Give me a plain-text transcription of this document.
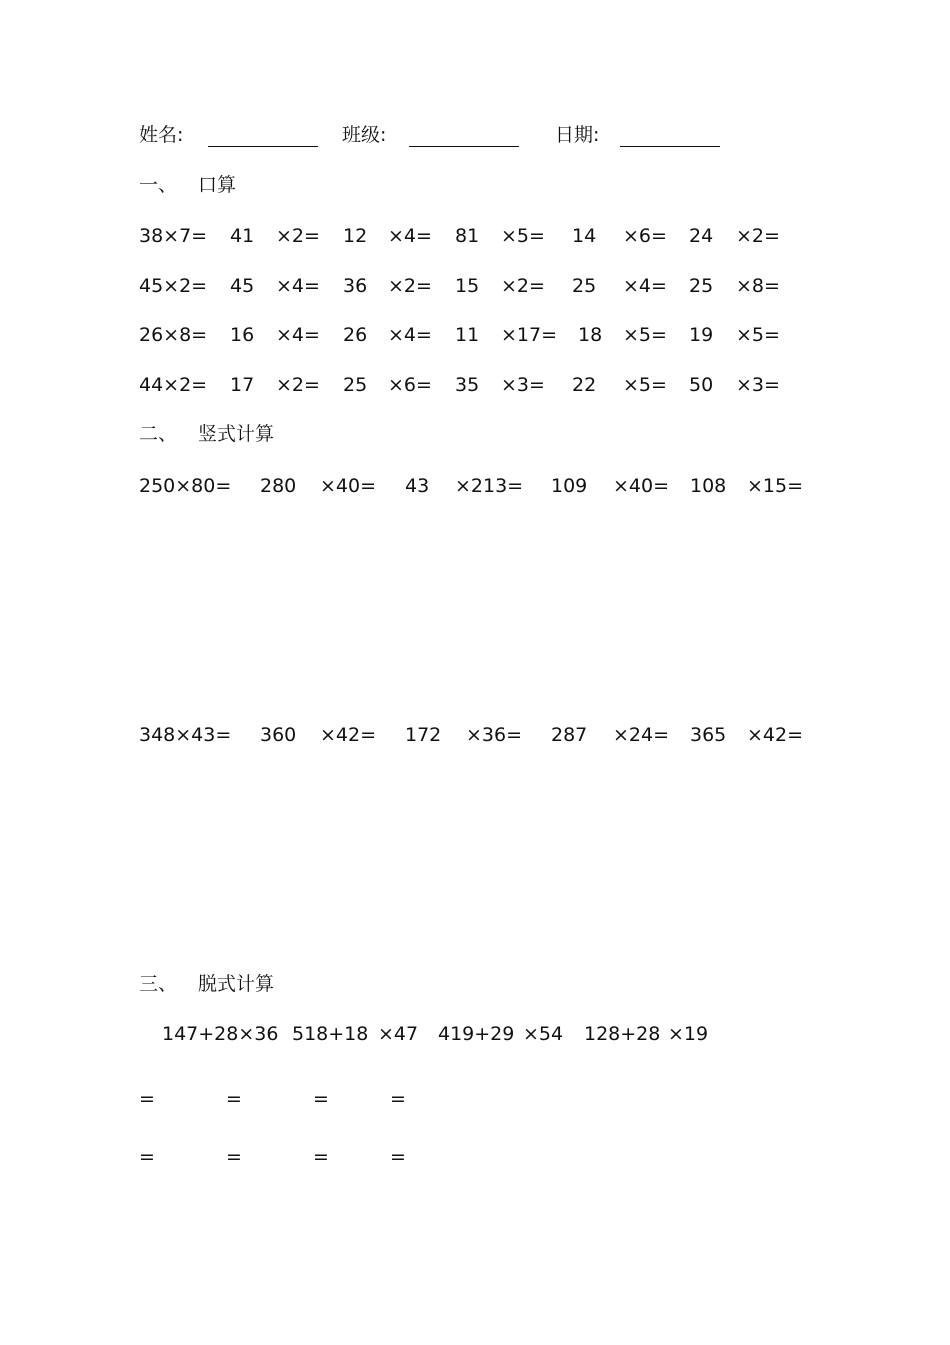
姓名:	班级:	日期:
一、 口算
38×7= 41 ×2= 12 ×4= 81 ×5= 14 ×6= 24 ×2=
45×2= 45 ×4= 36 ×2= 15 ×2= 25 ×4= 25 ×8=
26×8= 16 ×4= 26 ×4= 11 ×17= 18 ×5= 19 ×5=
44×2= 17 ×2= 25 ×6= 35 ×3= 22 ×5= 50 ×3=
二、 竖式计算
250×80= 280 ×40= 43 ×213= 109 ×40= 108 ×15=
348×43= 360 ×42= 172 ×36= 287 ×24= 365 ×42=
三、 脱式计算
147+28×36 518+18 ×47 419+29 ×54 128+28 ×19
=	=	=	=
=	=	=	=
